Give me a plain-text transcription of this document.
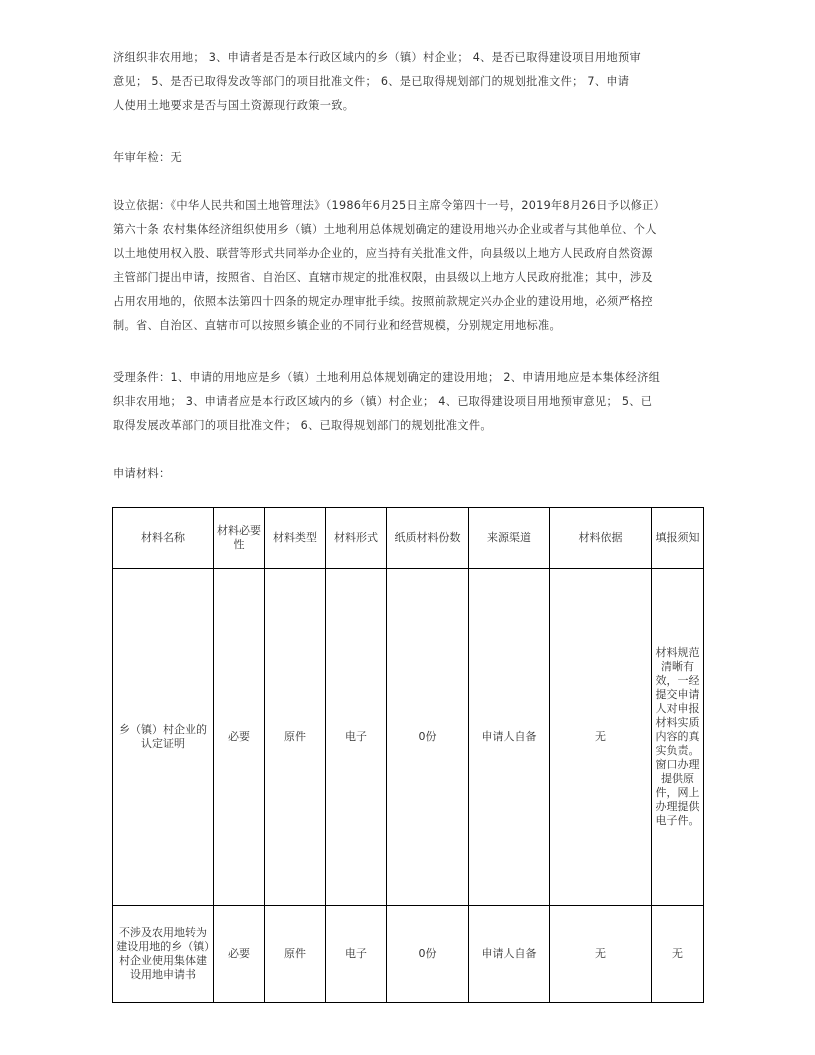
济组织非农用地； 3、申请者是否是本行政区域内的乡（镇）村企业； 4、是否已取得建设项目用地预审
意见； 5、是否已取得发改等部门的项目批准文件； 6、是已取得规划部门的规划批准文件； 7、申请
人使用土地要求是否与国土资源现行政策一致。

年审年检：无

设立依据：《中华人民共和国土地管理法》（1986年6月25日主席令第四十一号，2019年8月26日予以修正）
第六十条 农村集体经济组织使用乡（镇）土地利用总体规划确定的建设用地兴办企业或者与其他单位、个人
以土地使用权入股、联营等形式共同举办企业的，应当持有关批准文件，向县级以上地方人民政府自然资源
主管部门提出申请，按照省、自治区、直辖市规定的批准权限，由县级以上地方人民政府批准；其中，涉及
占用农用地的，依照本法第四十四条的规定办理审批手续。按照前款规定兴办企业的建设用地，必须严格控
制。省、自治区、直辖市可以按照乡镇企业的不同行业和经营规模，分别规定用地标准。

受理条件：1、申请的用地应是乡（镇）土地利用总体规划确定的建设用地； 2、申请用地应是本集体经济组
织非农用地； 3、申请者应是本行政区域内的乡（镇）村企业； 4、已取得建设项目用地预审意见； 5、已
取得发展改革部门的项目批准文件； 6、已取得规划部门的规划批准文件。

申请材料：

材料名称	材料必要性	材料类型	材料形式	纸质材料份数	来源渠道	材料依据	填报须知
乡（镇）村企业的认定证明	必要	原件	电子	0份	申请人自备	无	材料规范清晰有效，一经提交申请人对申报材料实质内容的真实负责。窗口办理提供原件，网上办理提供电子件。
不涉及农用地转为建设用地的乡（镇）村企业使用集体建设用地申请书	必要	原件	电子	0份	申请人自备	无	无
